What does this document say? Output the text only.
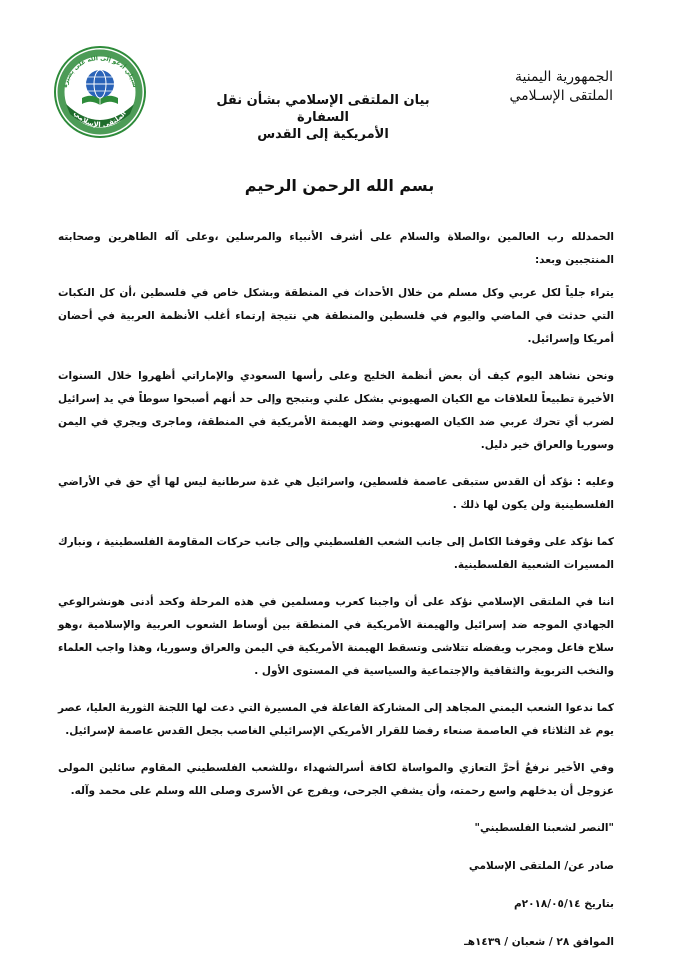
الجمهورية اليمنية
الملتقى الإسـلامي
بيان الملتقى الإسلامي بشأن نقل السفارة
الأمريكية إلى القدس
سبيلي أدعو إلى الله على بصيرة
الملتقى الإسلامي
بسم الله الرحمن الرحيم

الحمدلله رب العالمين ،والصلاة والسلام على أشرف الأنبياء والمرسلين ،وعلى آله الطاهرين وصحابته المنتجبين وبعد:

يتراء جلياً لكل عربي وكل مسلم من خلال الأحداث في المنطقة وبشكل خاص في فلسطين ،أن كل النكبات التي حدثت في الماضي واليوم في فلسطين والمنطقة هي نتيجة إرتماء أغلب الأنظمة العربية في أحضان أمريكا وإسرائيل.

ونحن نشاهد اليوم كيف أن بعض أنظمة الخليج وعلى رأسها السعودي والإماراتي أظهروا خلال السنوات الأخيرة تطبيعاً للعلاقات مع الكيان الصهيوني بشكل علني وبتبجح وإلى حد أنهم أصبحوا سوطاً في يد إسرائيل لضرب أي تحرك عربي ضد الكيان الصهيوني وضد الهيمنة الأمريكية في المنطقة، وماجرى ويجري في اليمن وسوريا والعراق خير دليل.

وعليه : نؤكد أن القدس ستبقى عاصمة فلسطين، واسرائيل هي غدة سرطانية ليس لها أي حق في الأراضي الفلسطينية ولن يكون لها ذلك .

كما نؤكد على وقوفنا الكامل إلى جانب الشعب الفلسطيني وإلى جانب حركات المقاومة الفلسطينية ، ونبارك المسيرات الشعبية الفلسطينية.

اننا في الملتقى الإسلامي نؤكد على أن واجبنا كعرب ومسلمين في هذه المرحلة وكحد أدنى هونشرالوعي الجهادي الموجه ضد إسرائيل والهيمنة الأمريكية في المنطقة بين أوساط الشعوب العربية والإسلامية ،وهو سلاح فاعل ومجرب وبفضله تتلاشى وتسقط الهيمنة الأمريكية في اليمن والعراق وسوريا، وهذا واجب العلماء والنخب التربوية والثقافية والإجتماعية والسياسية في المستوى الأول .

كما ندعوا الشعب اليمني المجاهد إلى المشاركة الفاعلة في المسيرة التي دعت لها اللجنة الثورية العليا، عصر يوم غد الثلاثاء في العاصمة صنعاء رفضا للقرار الأمريكي الإسرائيلي الغاصب بجعل القدس عاصمة لإسرائيل.

وفي الأخير نرفعُ أحرَّ التعازي والمواساة لكافة أسرالشهداء ،وللشعب الفلسطيني المقاوم سائلين المولى عزوجل أن يدخلهم واسع رحمته، وأن يشفي الجرحى، ويفرج عن الأسرى وصلى الله وسلم على محمد وآله.

"النصر لشعبنا الفلسطيني"
صادر عن/ الملتقى الإسلامي
بتاريخ ٢٠١٨/٠٥/١٤م
الموافق ٢٨ / شعبان / ١٤٣٩هـ
